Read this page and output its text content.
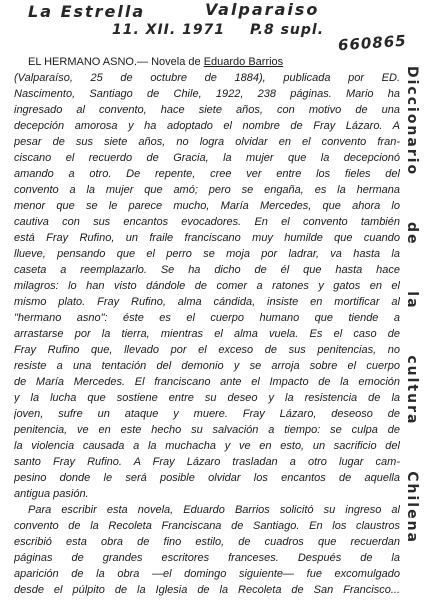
La Estrella	Valparaiso
11. XII. 1971 P.8 supl.
660865
Diccionario de la cultura Chilena
EL HERMANO ASNO.— Novela de Eduardo Barrios
(Valparaíso, 25 de octubre de 1884), publicada por ED.
Nascimento, Santiago de Chile, 1922, 238 páginas. Mario ha
ingresado al convento, hace siete años, con motivo de una
decepción amorosa y ha adoptado el nombre de Fray Lázaro. A
pesar de sus siete años, no logra olvidar en el convento fran-
ciscano el recuerdo de Gracia, la mujer que la decepcionó
amando a otro. De repente, cree ver entre los fieles del
convento a la mujer que amó; pero se engaña, es la hermana
menor que se le parece mucho, María Mercedes, que ahora lo
cautiva con sus encantos evocadores. En el convento también
está Fray Rufino, un fraile franciscano muy humilde que cuando
llueve, pensando que el perro se moja por ladrar, va hasta la
caseta a reemplazarlo. Se ha dicho de él que hasta hace
milagros: lo han visto dándole de comer a ratones y gatos en el
mismo plato. Fray Rufino, alma cándida, insiste en mortificar al
"hermano asno": éste es el cuerpo humano que tiende a
arrastarse por la tierra, mientras el alma vuela. Es el caso de
Fray Rufino que, llevado por el exceso de sus penitencias, no
resiste a una tentación del demonio y se arroja sobre el cuerpo
de María Mercedes. El franciscano ante el Impacto de la emoción
y la lucha que sostiene entre su deseo y la resistencia de la
joven, sufre un ataque y muere. Fray Lázaro, deseoso de
penitencia, ve en este hecho su salvación a tiempo: se culpa de
la violencia causada a la muchacha y ve en esto, un sacrificio del
santo Fray Rufino. A Fray Lázaro trasladan a otro lugar cam-
pesino donde le será posible olvidar los encantos de aquella
antigua pasión.
Para escribir esta novela, Eduardo Barrios solicitó su ingreso al
convento de la Recoleta Franciscana de Santiago. En los claustros
escribió esta obra de fino estilo, de cuadros que recuerdan
páginas de grandes escritores franceses. Después de la
aparición de la obra —el domingo siguiente— fue excomulgado
desde el púlpito de la Iglesia de la Recoleta de San Francisco...
